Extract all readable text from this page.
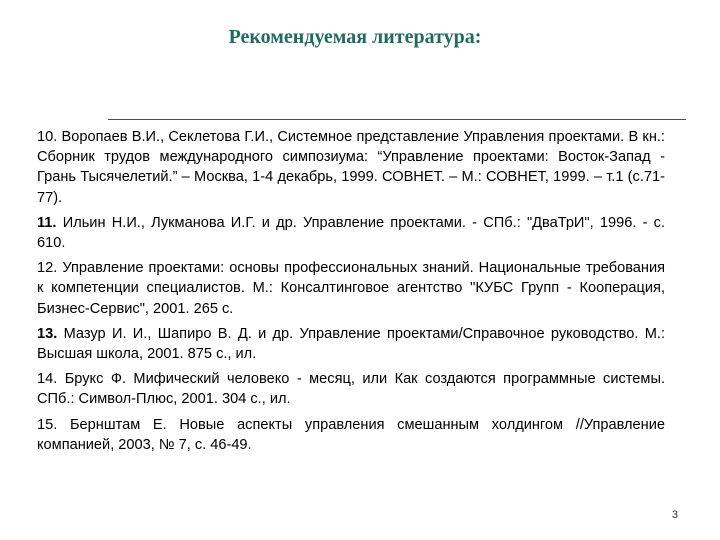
Рекомендуемая литература:
10. Воропаев В.И., Секлетова Г.И., Системное представление Управления проектами. В кн.: Сборник трудов международного симпозиума: “Управление проектами: Восток-Запад - Грань Тысячелетий.” – Москва, 1-4 декабрь, 1999. СОВНЕТ. – М.: СОВНЕТ, 1999. – т.1 (с.71-77).
11. Ильин Н.И., Лукманова И.Г. и др. Управление проектами. - СПб.: "ДваТрИ", 1996. - с. 610.
12. Управление проектами: основы профессиональных знаний. Национальные требования к компетенции специалистов. М.: Консалтинговое агентство "КУБС Групп - Кооперация, Бизнес-Сервис", 2001. 265 с.
13. Мазур И. И., Шапиро В. Д. и др. Управление проектами/Справочное руководство. М.: Высшая школа, 2001. 875 с., ил.
14. Брукс Ф. Мифический человеко - месяц, или Как создаются программные системы. СПб.: Символ-Плюс, 2001. 304 с., ил.
15. Бернштам Е. Новые аспекты управления смешанным холдингом //Управление компанией, 2003, № 7, с. 46-49.
3
